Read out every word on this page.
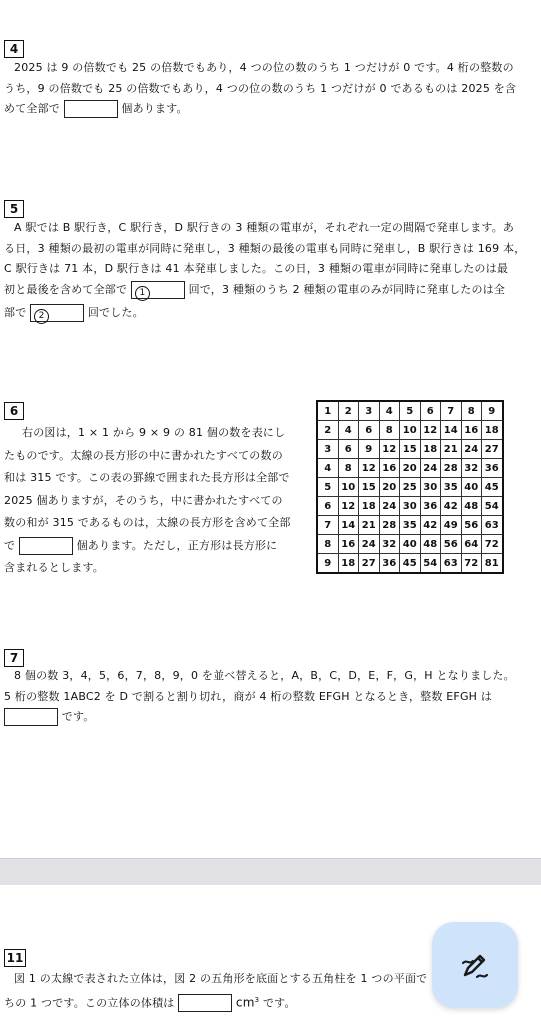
4
2025 は 9 の倍数でも 25 の倍数でもあり，4 つの位の数のうち 1 つだけが 0 です。4 桁の整数の
うち，9 の倍数でも 25 の倍数でもあり，4 つの位の数のうち 1 つだけが 0 であるものは 2025 を含
めて全部で	個あります。
5
A 駅では B 駅行き，C 駅行き，D 駅行きの 3 種類の電車が，それぞれ一定の間隔で発車します。あ
る日，3 種類の最初の電車が同時に発車し，3 種類の最後の電車も同時に発車し，B 駅行きは 169 本，
C 駅行きは 71 本，D 駅行きは 41 本発車しました。この日，3 種類の電車が同時に発車したのは最
初と最後を含めて全部で 1	回で，3 種類のうち 2 種類の電車のみが同時に発車したのは全
部で 2	回でした。
6
右の図は，1 × 1 から 9 × 9 の 81 個の数を表にし
たものです。太線の長方形の中に書かれたすべての数の
和は 315 です。この表の罫線で囲まれた長方形は全部で
2025 個ありますが，そのうち，中に書かれたすべての
数の和が 315 であるものは，太線の長方形を含めて全部
で	個あります。ただし，正方形は長方形に
含まれるとします。
1	2	3	4	5	6	7	8	9
2	4	6	8	10	12	14	16	18
3	6	9	12	15	18	21	24	27
4	8	12	16	20	24	28	32	36
5	10	15	20	25	30	35	40	45
6	12	18	24	30	36	42	48	54
7	14	21	28	35	42	49	56	63
8	16	24	32	40	48	56	64	72
9	18	27	36	45	54	63	72	81
7
8 個の数 3，4，5，6，7，8，9，0 を並べ替えると，A，B，C，D，E，F，G，H となりました。
5 桁の整数 1ABC2 を D で割ると割り切れ，商が 4 桁の整数 EFGH となるとき，整数 EFGH は
です。
11
図 1 の太線で表された立体は，図 2 の五角形を底面とする五角柱を 1 つの平面で
ちの 1 つです。この立体の体積は	$cm^3$ です。
